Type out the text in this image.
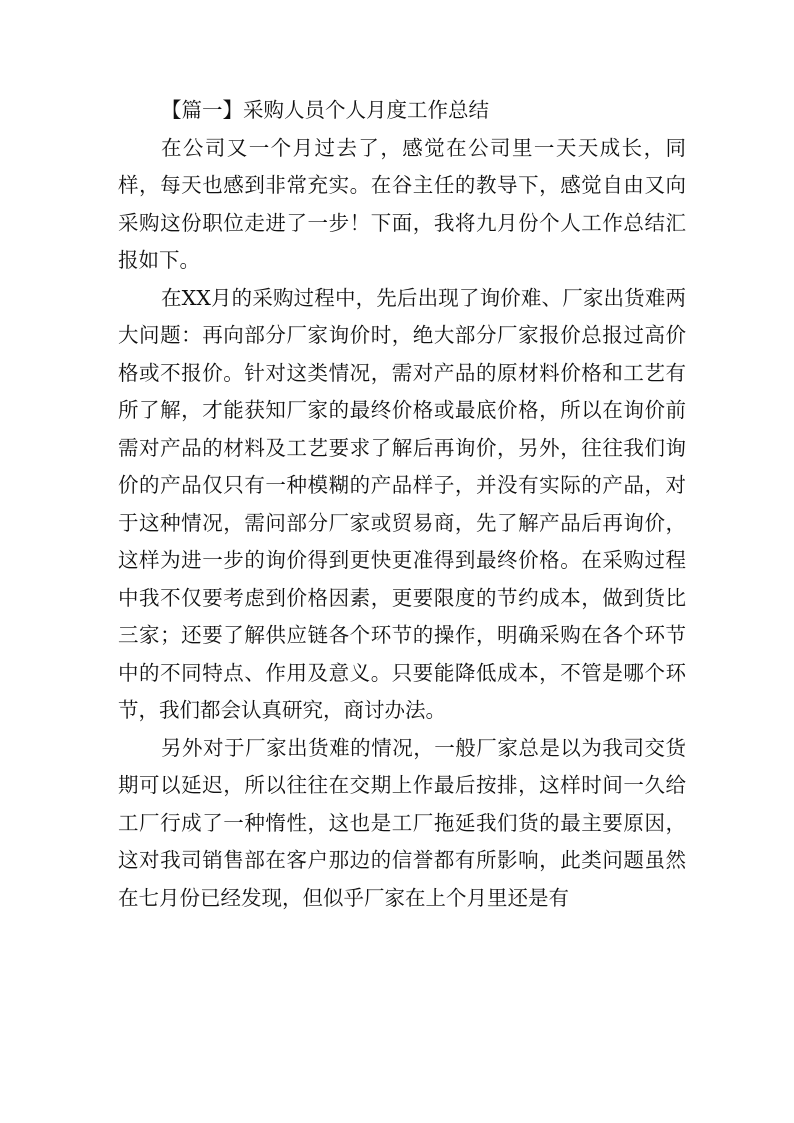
【篇一】采购人员个人月度工作总结

在公司又一个月过去了，感觉在公司里一天天成长，同样，每天也感到非常充实。在谷主任的教导下，感觉自由又向采购这份职位走进了一步！下面，我将九月份个人工作总结汇报如下。

在XX月的采购过程中，先后出现了询价难、厂家出货难两大问题：再向部分厂家询价时，绝大部分厂家报价总报过高价格或不报价。针对这类情况，需对产品的原材料价格和工艺有所了解，才能获知厂家的最终价格或最底价格，所以在询价前需对产品的材料及工艺要求了解后再询价，另外，往往我们询价的产品仅只有一种模糊的产品样子，并没有实际的产品，对于这种情况，需问部分厂家或贸易商，先了解产品后再询价，这样为进一步的询价得到更快更准得到最终价格。在采购过程中我不仅要考虑到价格因素，更要限度的节约成本，做到货比三家；还要了解供应链各个环节的操作，明确采购在各个环节中的不同特点、作用及意义。只要能降低成本，不管是哪个环节，我们都会认真研究，商讨办法。

另外对于厂家出货难的情况，一般厂家总是以为我司交货期可以延迟，所以往往在交期上作最后按排，这样时间一久给工厂行成了一种惰性，这也是工厂拖延我们货的最主要原因，这对我司销售部在客户那边的信誉都有所影响，此类问题虽然在七月份已经发现，但似乎厂家在上个月里还是有
